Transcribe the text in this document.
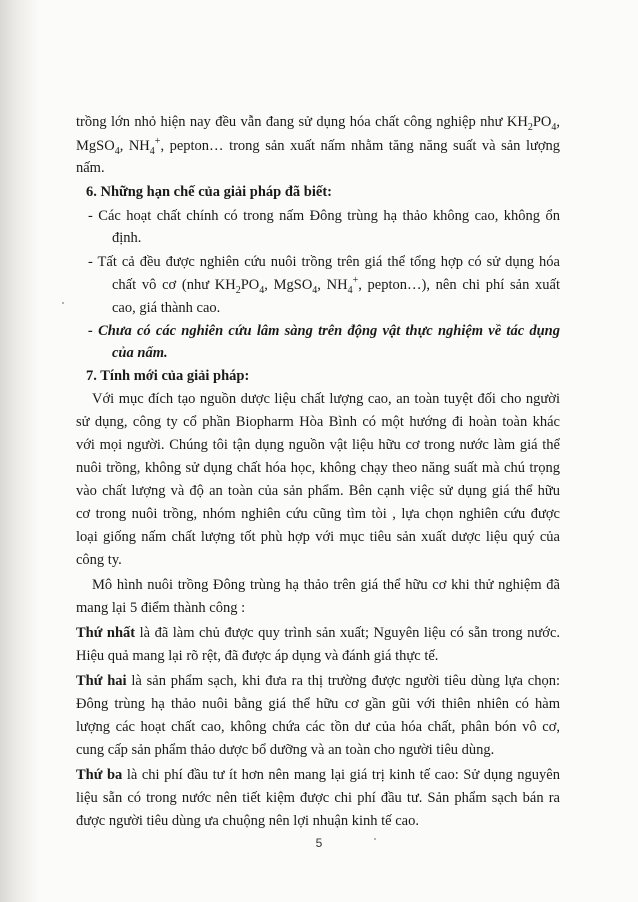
trồng lớn nhỏ hiện nay đều vẫn đang sử dụng hóa chất công nghiệp như $KH_2PO_4$,
MgSO$_4$, $NH_4^+$, pepton… trong sản xuất nấm nhằm tăng năng suất và sản lượng
nấm.
6. Những hạn chế của giải pháp đã biết:
- Các hoạt chất chính có trong nấm Đông trùng hạ thảo không cao, không ổn
định.
- Tất cả đều được nghiên cứu nuôi trồng trên giá thể tổng hợp có sử dụng hóa
chất vô cơ (như $KH_2PO_4$, MgSO$_4$, $NH_4^+$, pepton…), nên chi phí sản xuất
cao, giá thành cao.
- Chưa có các nghiên cứu lâm sàng trên động vật thực nghiệm về tác dụng
của nấm.
7. Tính mới của giải pháp:
Với mục đích tạo nguồn dược liệu chất lượng cao, an toàn tuyệt đối cho người
sử dụng, công ty cổ phần Biopharm Hòa Bình có một hướng đi hoàn toàn khác
với mọi người. Chúng tôi tận dụng nguồn vật liệu hữu cơ trong nước làm giá thể
nuôi trồng, không sử dụng chất hóa học, không chạy theo năng suất mà chú trọng
vào chất lượng và độ an toàn của sản phẩm. Bên cạnh việc sử dụng giá thể hữu
cơ trong nuôi trồng, nhóm nghiên cứu cũng tìm tòi , lựa chọn nghiên cứu được
loại giống nấm chất lượng tốt phù hợp với mục tiêu sản xuất dược liệu quý của
công ty.
Mô hình nuôi trồng Đông trùng hạ thảo trên giá thể hữu cơ khi thử nghiệm đã
mang lại 5 điểm thành công :
Thứ nhất là đã làm chủ được quy trình sản xuất; Nguyên liệu có sẵn trong nước.
Hiệu quả mang lại rõ rệt, đã được áp dụng và đánh giá thực tế.
Thứ hai là sản phẩm sạch, khi đưa ra thị trường được người tiêu dùng lựa chọn:
Đông trùng hạ thảo nuôi bằng giá thể hữu cơ gần gũi với thiên nhiên có hàm
lượng các hoạt chất cao, không chứa các tồn dư của hóa chất, phân bón vô cơ,
cung cấp sản phẩm thảo dược bổ dưỡng và an toàn cho người tiêu dùng.
Thứ ba là chi phí đầu tư ít hơn nên mang lại giá trị kinh tế cao: Sử dụng nguyên
liệu sẵn có trong nước nên tiết kiệm được chi phí đầu tư. Sản phẩm sạch bán ra
được người tiêu dùng ưa chuộng nên lợi nhuận kinh tế cao.
5
